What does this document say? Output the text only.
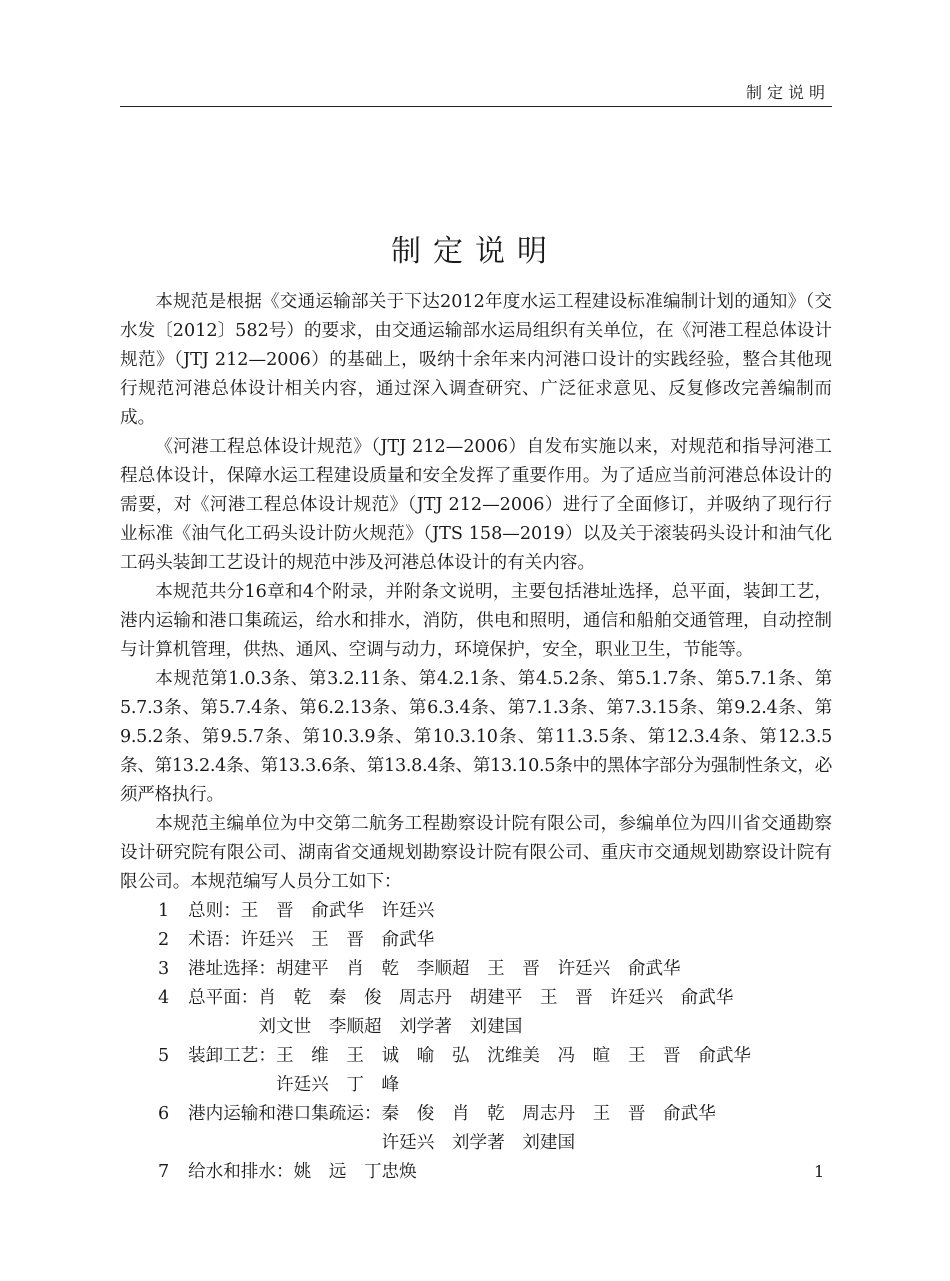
制定说明
制定说明

本规范是根据《交通运输部关于下达2012年度水运工程建设标准编制计划的通知》（交水发〔2012〕582号）的要求，由交通运输部水运局组织有关单位，在《河港工程总体设计规范》（JTJ 212—2006）的基础上，吸纳十余年来内河港口设计的实践经验，整合其他现行规范河港总体设计相关内容，通过深入调查研究、广泛征求意见、反复修改完善编制而成。

《河港工程总体设计规范》（JTJ 212—2006）自发布实施以来，对规范和指导河港工程总体设计，保障水运工程建设质量和安全发挥了重要作用。为了适应当前河港总体设计的需要，对《河港工程总体设计规范》（JTJ 212—2006）进行了全面修订，并吸纳了现行行业标准《油气化工码头设计防火规范》（JTS 158—2019）以及关于滚装码头设计和油气化工码头装卸工艺设计的规范中涉及河港总体设计的有关内容。

本规范共分16章和4个附录，并附条文说明，主要包括港址选择，总平面，装卸工艺，港内运输和港口集疏运，给水和排水，消防，供电和照明，通信和船舶交通管理，自动控制与计算机管理，供热、通风、空调与动力，环境保护，安全，职业卫生，节能等。

本规范第1.0.3条、第3.2.11条、第4.2.1条、第4.5.2条、第5.1.7条、第5.7.1条、第5.7.3条、第5.7.4条、第6.2.13条、第6.3.4条、第7.1.3条、第7.3.15条、第9.2.4条、第9.5.2条、第9.5.7条、第10.3.9条、第10.3.10条、第11.3.5条、第12.3.4条、第12.3.5条、第13.2.4条、第13.3.6条、第13.8.4条、第13.10.5条中的黑体字部分为强制性条文，必须严格执行。

本规范主编单位为中交第二航务工程勘察设计院有限公司，参编单位为四川省交通勘察设计研究院有限公司、湖南省交通规划勘察设计院有限公司、重庆市交通规划勘察设计院有限公司。本规范编写人员分工如下：

1 总则：王　晋　俞武华　许廷兴
2 术语：许廷兴　王　晋　俞武华
3 港址选择：胡建平　肖　乾　李顺超　王　晋　许廷兴　俞武华
4 总平面：肖　乾　秦　俊　周志丹　胡建平　王　晋　许廷兴　俞武华
　　　　刘文世　李顺超　刘学著　刘建国
5 装卸工艺：王　维　王　诚　喻　弘　沈维美　冯　暄　王　晋　俞武华
　　　　　许廷兴　丁　峰
6 港内运输和港口集疏运：秦　俊　肖　乾　周志丹　王　晋　俞武华
　　　　　　　　　　　许廷兴　刘学著　刘建国
7 给水和排水：姚　远　丁忠焕	1
